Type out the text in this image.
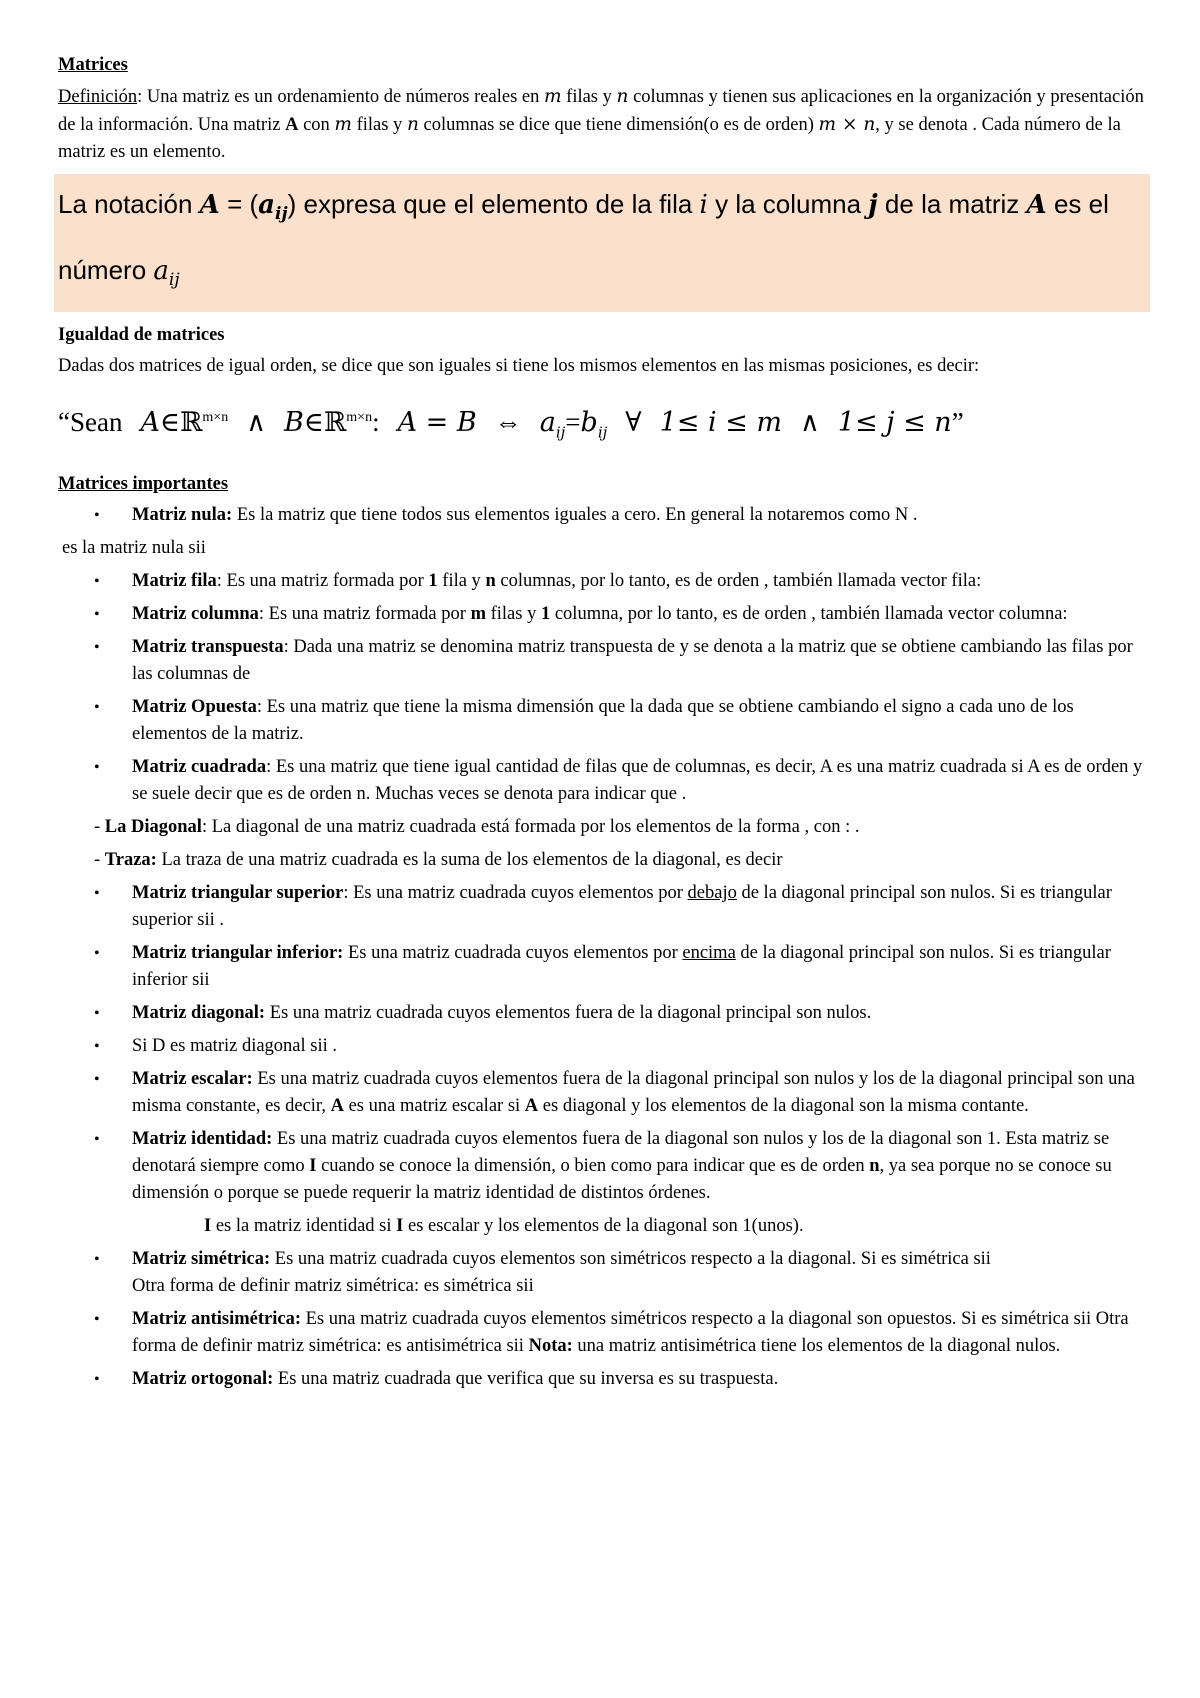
Matrices

Definición: Una matriz es un ordenamiento de números reales en m filas y n columnas y tienen sus aplicaciones en la organización y presentación de la información. Una matriz A con m filas y n columnas se dice que tiene dimensión(o es de orden) m × n, y se denota . Cada número de la matriz es un elemento.

La notación $A = (a_{ij})$ expresa que el elemento de la fila i y la columna j de la matriz A es el número $a_{ij}$

Igualdad de matrices

Dadas dos matrices de igual orden, se dice que son iguales si tiene los mismos elementos en las mismas posiciones, es decir:

“Sean A∈ℝ$^{m\times n}$ ∧ B∈ℝ$^{m\times n}$: A = B ⇔ $a_{ij}=b_{ij}$ ∀ 1≤ i ≤ m ∧ 1≤ j ≤ n”

Matrices importantes

• Matriz nula: Es la matriz que tiene todos sus elementos iguales a cero. En general la notaremos como N .

es la matriz nula sii

• Matriz fila: Es una matriz formada por 1 fila y n columnas, por lo tanto, es de orden , también llamada vector fila:
• Matriz columna: Es una matriz formada por m filas y 1 columna, por lo tanto, es de orden , también llamada vector columna:
• Matriz transpuesta: Dada una matriz se denomina matriz transpuesta de y se denota a la matriz que se obtiene cambiando las filas por las columnas de
• Matriz Opuesta: Es una matriz que tiene la misma dimensión que la dada que se obtiene cambiando el signo a cada uno de los elementos de la matriz.
• Matriz cuadrada: Es una matriz que tiene igual cantidad de filas que de columnas, es decir, A es una matriz cuadrada si A es de orden y se suele decir que es de orden n. Muchas veces se denota para indicar que .

- La Diagonal: La diagonal de una matriz cuadrada está formada por los elementos de la forma , con : .

- Traza: La traza de una matriz cuadrada es la suma de los elementos de la diagonal, es decir

• Matriz triangular superior: Es una matriz cuadrada cuyos elementos por debajo de la diagonal principal son nulos. Si es triangular superior sii .
• Matriz triangular inferior: Es una matriz cuadrada cuyos elementos por encima de la diagonal principal son nulos. Si es triangular inferior sii
• Matriz diagonal: Es una matriz cuadrada cuyos elementos fuera de la diagonal principal son nulos.
• Si D es matriz diagonal sii .
• Matriz escalar: Es una matriz cuadrada cuyos elementos fuera de la diagonal principal son nulos y los de la diagonal principal son una misma constante, es decir, A es una matriz escalar si A es diagonal y los elementos de la diagonal son la misma contante.
• Matriz identidad: Es una matriz cuadrada cuyos elementos fuera de la diagonal son nulos y los de la diagonal son 1. Esta matriz se denotará siempre como I cuando se conoce la dimensión, o bien como para indicar que es de orden n, ya sea porque no se conoce su dimensión o porque se puede requerir la matriz identidad de distintos órdenes.

I es la matriz identidad si I es escalar y los elementos de la diagonal son 1(unos).

• Matriz simétrica: Es una matriz cuadrada cuyos elementos son simétricos respecto a la diagonal. Si es simétrica sii
Otra forma de definir matriz simétrica: es simétrica sii
• Matriz antisimétrica: Es una matriz cuadrada cuyos elementos simétricos respecto a la diagonal son opuestos. Si es simétrica sii Otra forma de definir matriz simétrica: es antisimétrica sii Nota: una matriz antisimétrica tiene los elementos de la diagonal nulos.
• Matriz ortogonal: Es una matriz cuadrada que verifica que su inversa es su traspuesta.
